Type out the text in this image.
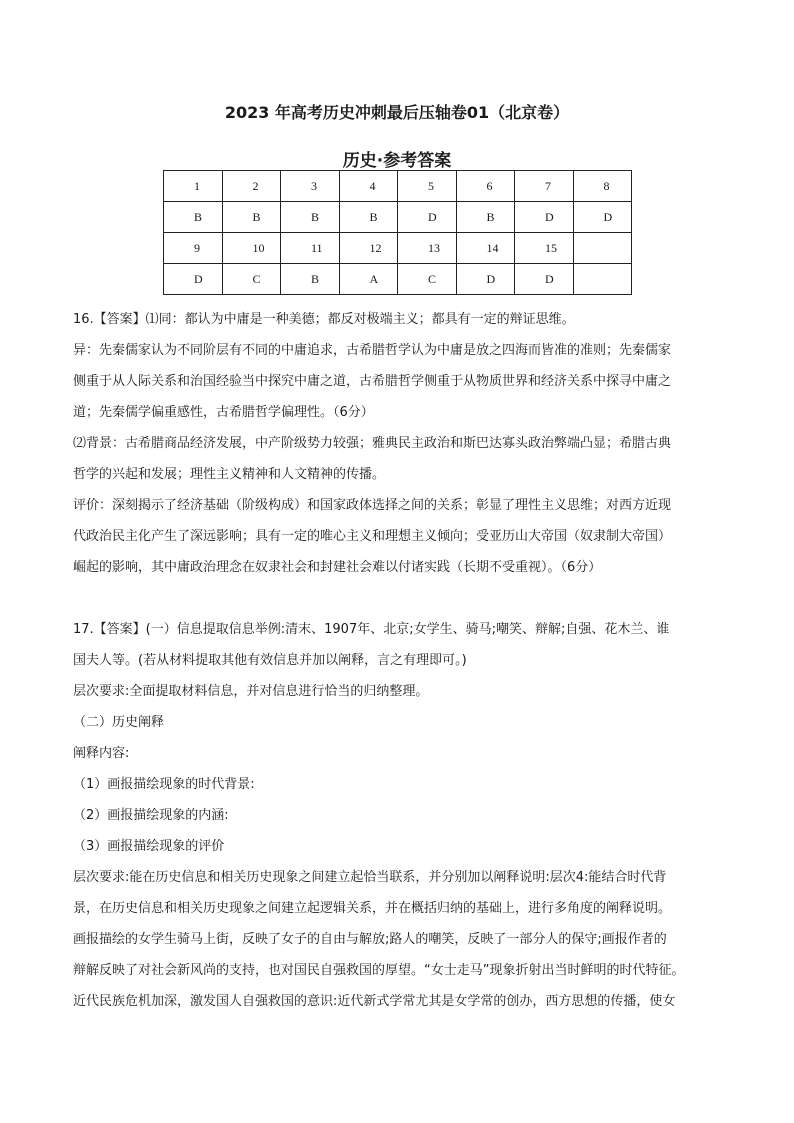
2023 年高考历史冲刺最后压轴卷01（北京卷）
历史·参考答案
1	2	3	4	5	6	7	8
B	B	B	B	D	B	D	D
9	10	11	12	13	14	15	
D	C	B	A	C	D	D	

16.【答案】⑴同：都认为中庸是一种美德；都反对极端主义；都具有一定的辩证思维。

异：先秦儒家认为不同阶层有不同的中庸追求，古希腊哲学认为中庸是放之四海而皆准的准则；先秦儒家

侧重于从人际关系和治国经验当中探究中庸之道，古希腊哲学侧重于从物质世界和经济关系中探寻中庸之

道；先秦儒学偏重感性，古希腊哲学偏理性。（6分）

⑵背景：古希腊商品经济发展，中产阶级势力较强；雅典民主政治和斯巴达寡头政治弊端凸显；希腊古典

哲学的兴起和发展；理性主义精神和人文精神的传播。

评价：深刻揭示了经济基础（阶级构成）和国家政体选择之间的关系；彰显了理性主义思维；对西方近现

代政治民主化产生了深远影响；具有一定的唯心主义和理想主义倾向；受亚历山大帝国（奴隶制大帝国）

崛起的影响，其中庸政治理念在奴隶社会和封建社会难以付诸实践（长期不受重视）。（6分）

17.【答案】(一）信息提取信息举例:清末、1907年、北京;女学生、骑马;嘲笑、辩解;自强、花木兰、谁

国夫人等。(若从材料提取其他有效信息并加以阐释，言之有理即可。)

层次要求:全面提取材料信息，并对信息进行恰当的归纳整理。

（二）历史阐释

阐释内容:

（1）画报描绘现象的时代背景:

（2）画报描绘现象的内涵:

（3）画报描绘现象的评价

层次要求:能在历史信息和相关历史现象之间建立起恰当联系，并分别加以阐释说明:层次4:能结合时代背

景，在历史信息和相关历史现象之间建立起逻辑关系，并在概括归纳的基础上，进行多角度的阐释说明。

画报描绘的女学生骑马上街，反映了女子的自由与解放;路人的嘲笑，反映了一部分人的保守;画报作者的

辩解反映了对社会新风尚的支持，也对国民自强救国的厚望。“女士走马”现象折射出当时鲜明的时代特征。

近代民族危机加深，激发国人自强救国的意识:近代新式学常尤其是女学常的创办，西方思想的传播，使女
